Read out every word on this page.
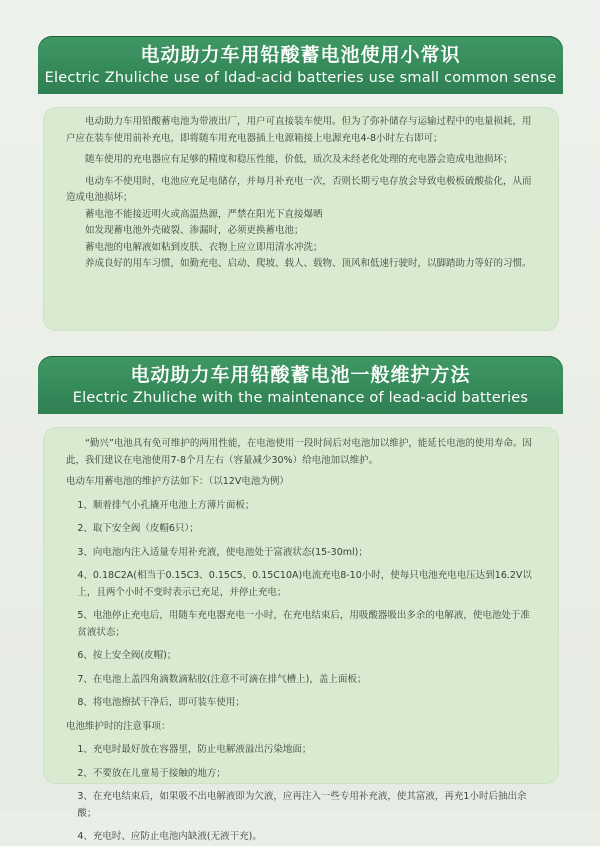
电动助力车用铅酸蓄电池使用小常识
Electric Zhuliche use of ldad-acid batteries use small common sense

电动助力车用铅酸蓄电池为带液出厂，用户可直接装车使用。但为了弥补储存与运输过程中的电量损耗，用户应在装车使用前补充电，即将随车用充电器插上电源箱接上电源充电4-8小时左右即可；

随车使用的充电器应有足够的精度和稳压性能，价低，质次及未经老化处理的充电器会造成电池损坏；

电动车不使用时，电池应充足电储存，并每月补充电一次，否则长期亏电存放会导致电极板硫酸盐化，从而造成电池损坏；

蓄电池不能接近明火或高温热源，严禁在阳光下直接爆晒

如发现蓄电池外壳破裂、渗漏时，必须更换蓄电池；

蓄电池的电解液如粘到皮肤、衣物上应立即用清水冲洗；

养成良好的用车习惯，如勤充电、启动、爬坡、载人、载物、顶风和低速行驶时，以脚踏助力等好的习惯。

电动助力车用铅酸蓄电池一般维护方法
Electric Zhuliche with the maintenance of lead-acid batteries

“勤兴”电池具有免可维护的两用性能，在电池使用一段时间后对电池加以维护，能延长电池的使用寿命。因此，我们建议在电池使用7-8个月左右（容量减少30%）给电池加以维护。

电动车用蓄电池的维护方法如下：（以12V电池为例）

1、顺着排气小孔撬开电池上方薄片面板；

2、取下安全阀（皮帽6只）；

3、向电池内注入适量专用补充液，使电池处于富液状态(15-30ml)；

4、0.18C2A(相当于0.15C3、0.15C5、0.15C10A)电流充电8-10小时，使每只电池充电电压达到16.2V以上，且两个小时不变时表示已充足，并停止充电；

5、电池停止充电后，用随车充电器充电一小时，在充电结束后，用吸酸器吸出多余的电解液，使电池处于准贫液状态；

6、按上安全阀(皮帽)；

7、在电池上盖四角滴数滴粘胶(注意不可滴在排气槽上)，盖上面板；

8、将电池擦拭干净后，即可装车使用；

电池维护时的注意事项：

1、充电时最好放在容器里，防止电解液溢出污染地面；

2、不要放在儿童易于接触的地方；

3、在充电结束后，如果吸不出电解液即为欠液，应再注入一些专用补充液，使其富液，再充1小时后抽出余酸；

4、充电时、应防止电池内缺液(无液干充)。
